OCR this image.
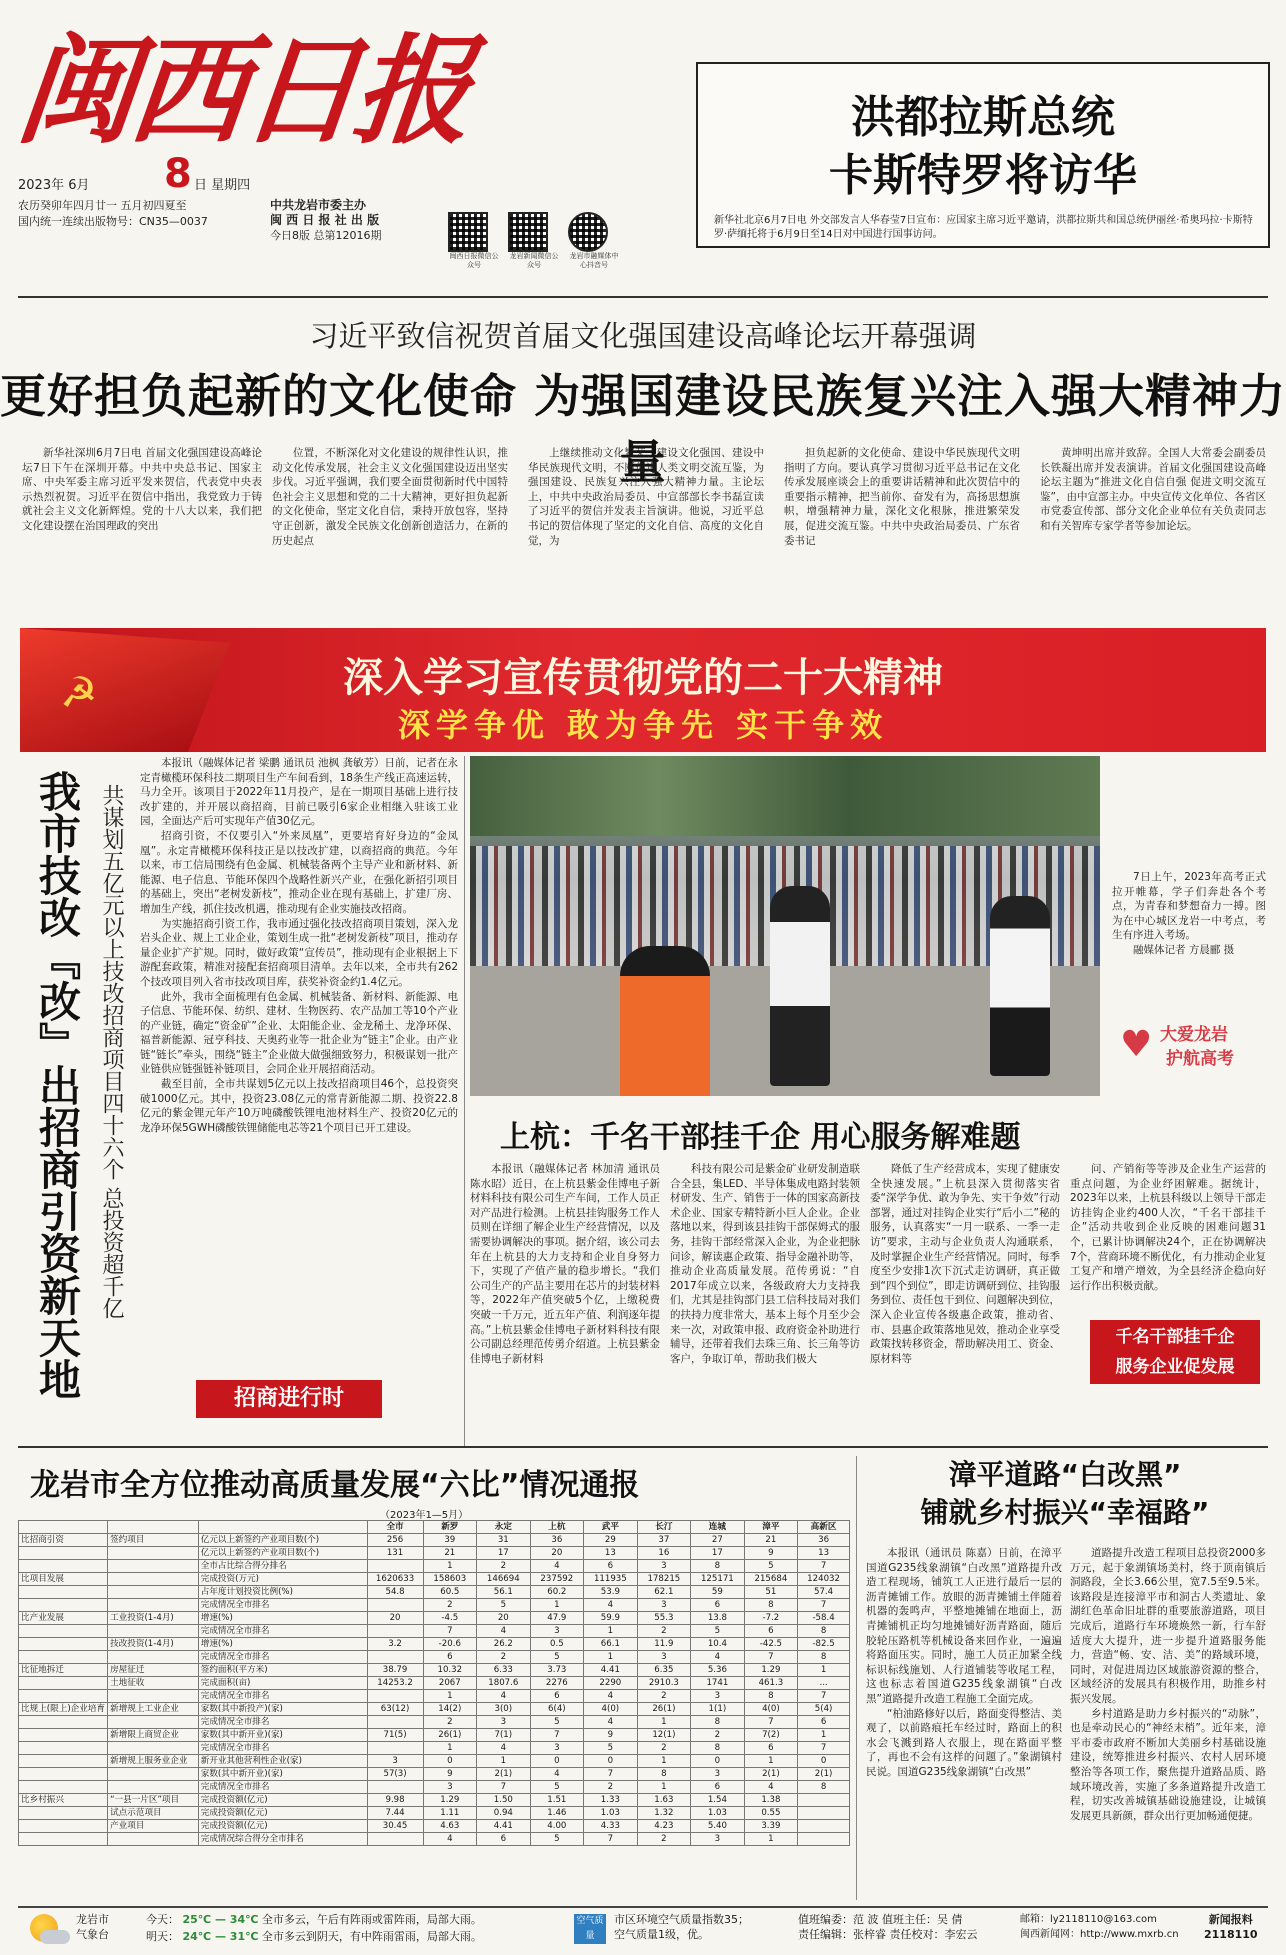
闽西日报
2023年 6月	8 日 星期四
农历癸卯年四月廿一 五月初四夏至
国内统一连续出版物号：CN35—0037
中共龙岩市委主办
闽 西 日 报 社 出 版
今日8版 总第12016期
闽西日报微信公众号
龙岩新闻微信公众号
龙岩市融媒体中心抖音号
洪都拉斯总统
卡斯特罗将访华
新华社北京6月7日电 外交部发言人华春莹7日宣布：应国家主席习近平邀请，洪都拉斯共和国总统伊丽丝·希奥玛拉·卡斯特罗·萨缅托将于6月9日至14日对中国进行国事访问。
习近平致信祝贺首届文化强国建设高峰论坛开幕强调
更好担负起新的文化使命 为强国建设民族复兴注入强大精神力量

新华社深圳6月7日电 首届文化强国建设高峰论坛7日下午在深圳开幕。中共中央总书记、国家主席、中央军委主席习近平发来贺信，代表党中央表示热烈祝贺。习近平在贺信中指出，我党致力于铸就社会主义文化新辉煌。党的十八大以来，我们把文化建设摆在治国理政的突出

位置，不断深化对文化建设的规律性认识，推动文化传承发展，社会主义文化强国建设迈出坚实步伐。习近平强调，我们要全面贯彻新时代中国特色社会主义思想和党的二十大精神，更好担负起新的文化使命，坚定文化自信，秉持开放包容，坚持守正创新，激发全民族文化创新创造活力，在新的历史起点

上继续推动文化繁荣、建设文化强国、建设中华民族现代文明，不断促进人类文明交流互鉴，为强国建设、民族复兴注入强大精神力量。主论坛上，中共中央政治局委员、中宣部部长李书磊宣读了习近平的贺信并发表主旨演讲。他说，习近平总书记的贺信体现了坚定的文化自信、高度的文化自觉，为

担负起新的文化使命、建设中华民族现代文明指明了方向。要认真学习贯彻习近平总书记在文化传承发展座谈会上的重要讲话精神和此次贺信中的重要指示精神，把当前你、奋发有为，高扬思想旗帜，增强精神力量，深化文化根脉，推进繁荣发展，促进交流互鉴。中共中央政治局委员、广东省委书记

黄坤明出席并致辞。全国人大常委会副委员长铁凝出席并发表演讲。首届文化强国建设高峰论坛主题为“推进文化自信自强 促进文明交流互鉴”，由中宣部主办。中央宣传文化单位、各省区市党委宣传部、部分文化企业单位有关负责同志和有关智库专家学者等参加论坛。

☭	深入学习宣传贯彻党的二十大精神
深学争优 敢为争先 实干争效
我市技改『改』出招商引资新天地 共谋划五亿元以上技改招商项目四十六个 总投资超千亿

本报讯（融媒体记者 梁鹏 通讯员 池枫 龚敏芳）日前，记者在永定青橄榄环保科技二期项目生产车间看到，18条生产线正高速运转，马力全开。该项目于2022年11月投产，是在一期项目基础上进行技改扩建的，并开展以商招商，目前已吸引6家企业相继入驻该工业园，全面达产后可实现年产值30亿元。

招商引资，不仅要引入“外来凤凰”，更要培育好身边的“金凤凰”。永定青橄榄环保科技正是以技改扩建，以商招商的典范。今年以来，市工信局围绕有色金属、机械装备两个主导产业和新材料、新能源、电子信息、节能环保四个战略性新兴产业，在强化新招引项目的基础上，突出“老树发新枝”，推动企业在现有基础上，扩建厂房、增加生产线，抓住技改机遇，推动现有企业实施技改招商。

为实施招商引资工作，我市通过强化技改招商项目策划，深入龙岩头企业、规上工业企业，策划生成一批“老树发新枝”项目，推动存量企业扩产扩规。同时，做好政策“宣传员”，推动现有企业根据上下游配套政策，精准对接配套招商项目清单。去年以来，全市共有262个技改项目列入省市技改项目库，获奖补资金约1.4亿元。

此外，我市全面梳理有色金属、机械装备、新材料、新能源、电子信息、节能环保、纺织、建材、生物医药、农产品加工等10个产业的产业链，确定“资金矿”企业、太阳能企业、金龙稀土、龙净环保、福普新能源、冠亨科技、天奥药业等一批企业为“链主”企业。由产业链“链长”牵头，围绕“链主”企业做大做强细致努力，积极谋划一批产业链供应链强链补链项目，会同企业开展招商活动。

截至目前，全市共谋划5亿元以上技改招商项目46个，总投资突破1000亿元。其中，投资23.08亿元的常青新能源二期、投资22.8亿元的紫金锂元年产10万吨磷酸铁锂电池材料生产、投资20亿元的龙净环保5GWH磷酸铁锂储能电芯等21个项目已开工建设。

招商进行时

7日上午，2023年高考正式拉开帷幕，学子们奔赴各个考点，为青春和梦想奋力一搏。图为在中心城区龙岩一中考点，考生有序进入考场。

融媒体记者 方晨郦 摄
♥ 大爱龙岩
护航高考
上杭：千名干部挂千企 用心服务解难题

本报讯（融媒体记者 林加清 通讯员 陈水昭）近日，在上杭县紫金佳博电子新材料科技有限公司生产车间，工作人员正对产品进行检测。上杭县挂钩服务工作人员则在详细了解企业生产经营情况，以及需要协调解决的事项。据介绍，该公司去年在上杭县的大力支持和企业自身努力下，实现了产值产量的稳步增长。“我们公司生产的产品主要用在芯片的封装材料等，2022年产值突破5个亿，上缴税费突破一千万元，近五年产值、利润逐年提高。”上杭县紫金佳博电子新材料科技有限公司副总经理范传勇介绍道。上杭县紫金佳博电子新材料

科技有限公司是紫金矿业研发制造联合全县，集LED、半导体集成电路封装领材研发、生产、销售于一体的国家高新技术企业、国家专精特新小巨人企业。企业落地以来，得到该县挂钩干部保姆式的服务，挂钩干部经常深入企业，为企业把脉问诊，解读惠企政策、指导金融补助等，推动企业高质量发展。范传勇说：“自2017年成立以来，各级政府大力支持我们，尤其是挂钩部门县工信科技局对我们的扶持力度非常大，基本上每个月至少会来一次，对政策申报、政府资金补助进行辅导，还带着我们去珠三角、长三角等访客户，争取订单，帮助我们极大

降低了生产经营成本，实现了健康安全快速发展。”上杭县深入贯彻落实省委“深学争优、敢为争先、实干争效”行动部署，通过对挂钩企业实行“后小二”秘的服务，认真落实“一月一联系、一季一走访”要求，主动与企业负责人沟通联系，及时掌握企业生产经营情况。同时，每季度至少安排1次下沉式走访调研，真正做到“四个到位”，即走访调研到位、挂钩服务到位、责任包干到位、问题解决到位，深入企业宣传各级惠企政策，推动省、市、县惠企政策落地见效，推动企业享受政策找转移资金，帮助解决用工、资金、原材料等

问、产销衔等等涉及企业生产运营的重点问题，为企业纾困解难。据统计，2023年以来，上杭县科级以上领导干部走访挂钩企业约400人次，“千名干部挂千企”活动共收到企业反映的困难问题31个，已累计协调解决24个，正在协调解决7个，营商环境不断优化，有力推动企业复工复产和增产增效，为全县经济企稳向好运行作出积极贡献。

千名干部挂千企
服务企业促发展
龙岩市全方位推动高质量发展“六比”情况通报
（2023年1—5月）
			全市	新罗	永定	上杭	武平	长汀	连城	漳平	高新区
比招商引资	签约项目	亿元以上新签约产业项目数(个)	256	39	31	36	29	37	27	21	36
		亿元以上新签约产业项目数(个)	131	21	17	20	13	16	17	9	13
		全市占比综合得分排名		1	2	4	6	3	8	5	7
比项目发展		完成投资(万元)	1620633	158603	146694	237592	111935	178215	125171	215684	124032
		占年度计划投资比例(%)	54.8	60.5	56.1	60.2	53.9	62.1	59	51	57.4
		完成情况全市排名		2	5	1	4	3	6	8	7
比产业发展	工业投资(1-4月)	增速(%)	20	-4.5	20	47.9	59.9	55.3	13.8	-7.2	-58.4
		完成情况全市排名		7	4	3	1	2	5	6	8
	技改投资(1-4月)	增速(%)	3.2	-20.6	26.2	0.5	66.1	11.9	10.4	-42.5	-82.5
		完成情况全市排名		6	2	5	1	3	4	7	8
比征地拆迁	房屋征迁	签约面积(平方米)	38.79	10.32	6.33	3.73	4.41	6.35	5.36	1.29	1
	土地征收	完成面积(亩)	14253.2	2067	1807.6	2276	2290	2910.3	1741	461.3	...
		完成情况全市排名		1	4	6	4	2	3	8	7
比规上(限上)企业培育	新增规上工业企业	家数(其中新投产)(家)	63(12)	14(2)	3(0)	6(4)	4(0)	26(1)	1(1)	4(0)	5(4)
		完成情况全市排名		2	3	5	4	1	8	7	6
	新增限上商贸企业	家数(其中新开业)(家)	71(5)	26(1)	7(1)	7	9	12(1)	2	7(2)	1
		完成情况全市排名		1	4	3	5	2	8	6	7
	新增规上服务业企业	新开业其他营利性企业(家)	3	0	1	0	0	1	0	1	0
		家数(其中新开业)(家)	57(3)	9	2(1)	4	7	8	3	2(1)	2(1)
		完成情况全市排名		3	7	5	2	1	6	4	8
比乡村振兴	“一县一片区”项目	完成投资额(亿元)	9.98	1.29	1.50	1.51	1.33	1.63	1.54	1.38	
	试点示范项目	完成投资额(亿元)	7.44	1.11	0.94	1.46	1.03	1.32	1.03	0.55	
	产业项目	完成投资额(亿元)	30.45	4.63	4.41	4.00	4.33	4.23	5.40	3.39	
		完成情况综合得分全市排名		4	6	5	7	2	3	1	
漳平道路“白改黑”
铺就乡村振兴“幸福路”

本报讯（通讯员 陈嘉）日前，在漳平国道G235线象湖镇“白改黑”道路提升改造工程现场，铺筑工人正进行最后一层的沥青摊铺工作。放眼的沥青摊铺土伴随着机器的轰鸣声，平整地摊铺在地面上，沥青摊铺机正均匀地摊铺好沥青路面，随后胶轮压路机等机械设备来回作业，一遍遍将路面压实。同时，施工人员正加紧全线标识标线施划、人行道铺装等收尾工程，这也标志着国道G235线象湖镇“白改黑”道路提升改造工程施工全面完成。

“柏油路修好以后，路面变得整洁、美观了，以前路痕托车经过时，路面上的积水会飞溅到路人衣服上，现在路面平整了，再也不会有这样的问题了。”象湖镇村民说。国道G235线象湖镇“白改黑”

道路提升改造工程项目总投资2000多万元，起于象湖镇场美村，终于顶南镇后洞路段，全长3.66公里，宽7.5至9.5米。该路段是连接漳平市和洞古人类遗址、象湖红色革命旧址群的重要旅游道路，项目完成后，道路行车环境焕然一新，行车舒适度大大提升，进一步提升道路服务能力，营造“畅、安、洁、美”的路域环境，同时，对促进周边区域旅游资源的整合，区域经济的发展具有积极作用，助推乡村振兴发展。

乡村道路是助力乡村振兴的“动脉”，也是牵动民心的“神经末梢”。近年来，漳平市委市政府不断加大美丽乡村基础设施建设，统筹推进乡村振兴、农村人居环境整治等各项工作，聚焦提升道路品质、路域环境改善，实施了多条道路提升改造工程，切实改善城镇基础设施建设，让城镇发展更具新颜，群众出行更加畅通便捷。

龙岩市
气象台
今天： 25℃ — 34℃ 全市多云，午后有阵雨或雷阵雨，局部大雨。
明天： 24℃ — 31℃ 全市多云到阴天，有中阵雨雷雨，局部大雨。
空气质量
市区环境空气质量指数35；
空气质量1级，优。
值班编委：范 波 值班主任：吴 倩
责任编辑：张梓睿 责任校对：李宏云
邮箱：ly2118110@163.com
闽西新闻网：http://www.mxrb.cn
新闻报料
2118110
